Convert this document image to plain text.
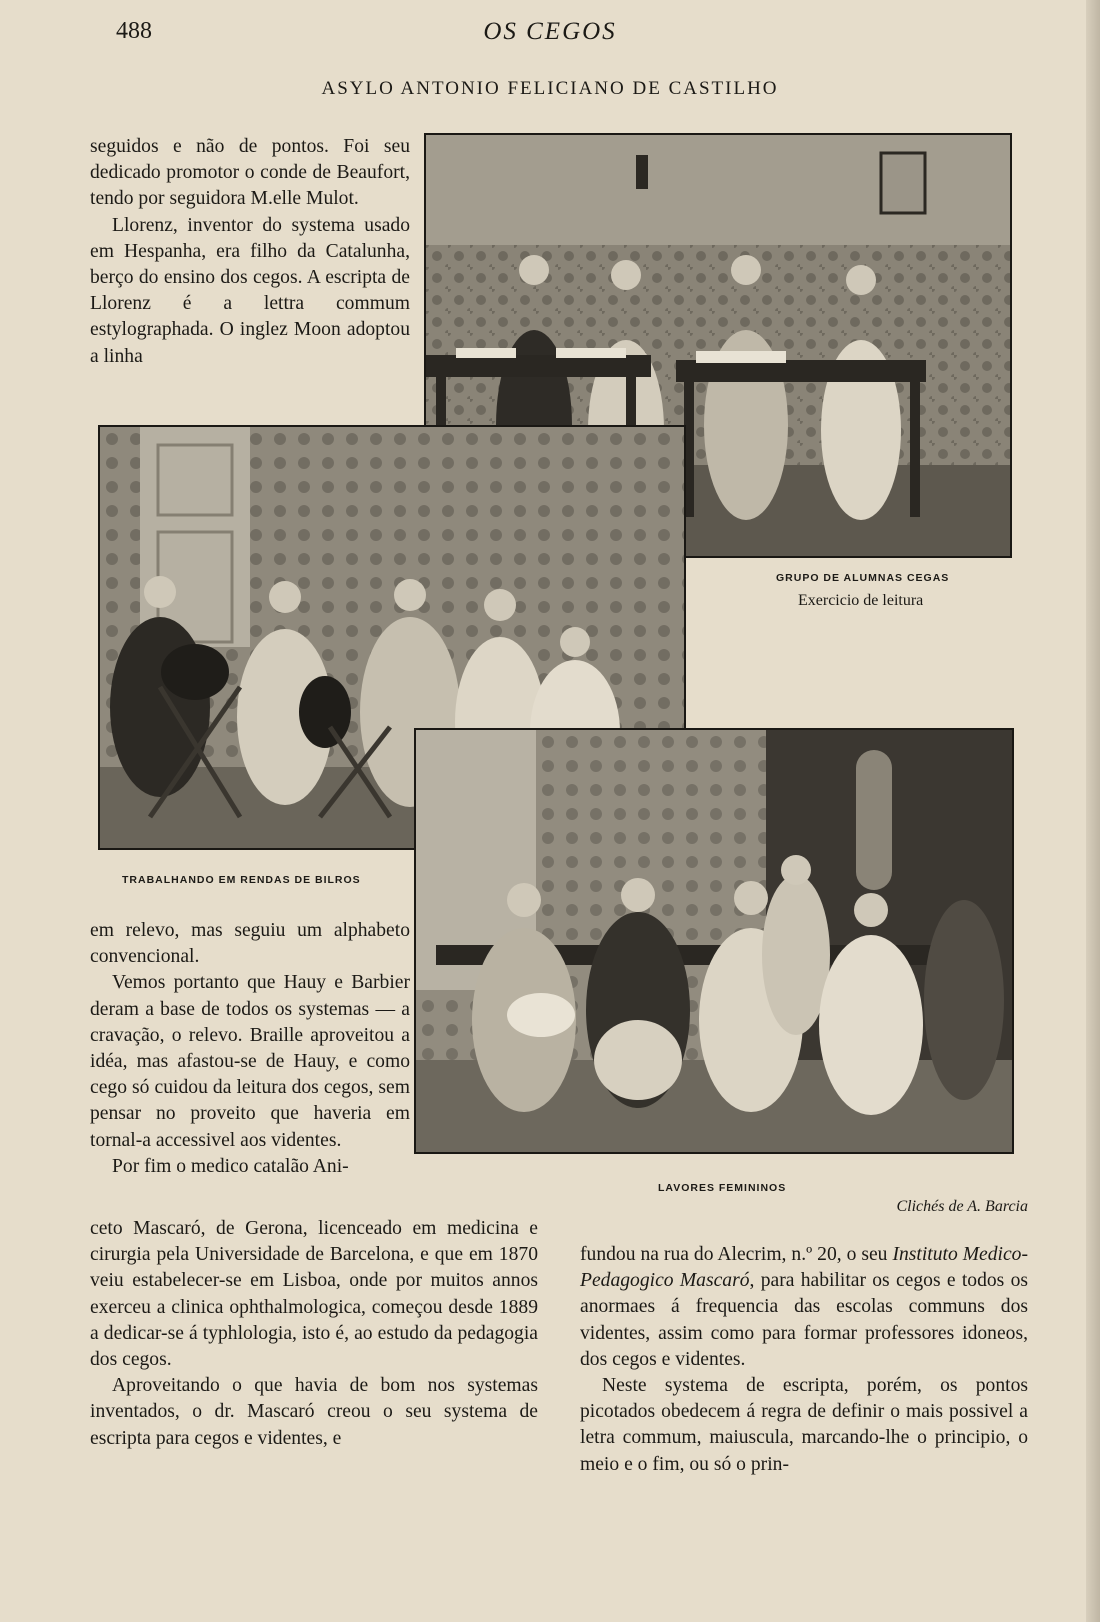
488	OS CEGOS
ASYLO ANTONIO FELICIANO DE CASTILHO

seguidos e não de pontos. Foi seu dedicado promotor o conde de Beaufort, tendo por seguidora M.elle Mulot.

Llorenz, inventor do systema usado em Hespanha, era filho da Catalunha, berço do ensino dos cegos. A escripta de Llorenz é a lettra commum estylographada. O inglez Moon adoptou a linha

GRUPO DE ALUMNAS CEGAS
Exercicio de leitura
TRABALHANDO EM RENDAS DE BILROS

em relevo, mas seguiu um alphabeto convencional.

Vemos portanto que Hauy e Barbier deram a base de todos os systemas — a cravação, o relevo. Braille aproveitou a idéa, mas afastou-se de Hauy, e como cego só cuidou da leitura dos cegos, sem pensar no proveito que haveria em tornal-a accessivel aos videntes.

Por fim o medico catalão Ani-

LAVORES FEMININOS
Clichés de A. Barcia

ceto Mascaró, de Gerona, licenceado em medicina e cirurgia pela Universidade de Barcelona, e que em 1870 veiu estabelecer-se em Lisboa, onde por muitos annos exerceu a clinica ophthalmologica, começou desde 1889 a dedicar-se á typhlologia, isto é, ao estudo da pedagogia dos cegos.

Aproveitando o que havia de bom nos systemas inventados, o dr. Mascaró creou o seu systema de escripta para cegos e videntes, e

fundou na rua do Alecrim, n.º 20, o seu Instituto Medico-Pedagogico Mascaró, para habilitar os cegos e todos os anormaes á frequencia das escolas communs dos videntes, assim como para formar professores idoneos, dos cegos e videntes.

Neste systema de escripta, porém, os pontos picotados obedecem á regra de definir o mais possivel a letra commum, maiuscula, marcando-lhe o principio, o meio e o fim, ou só o prin-
